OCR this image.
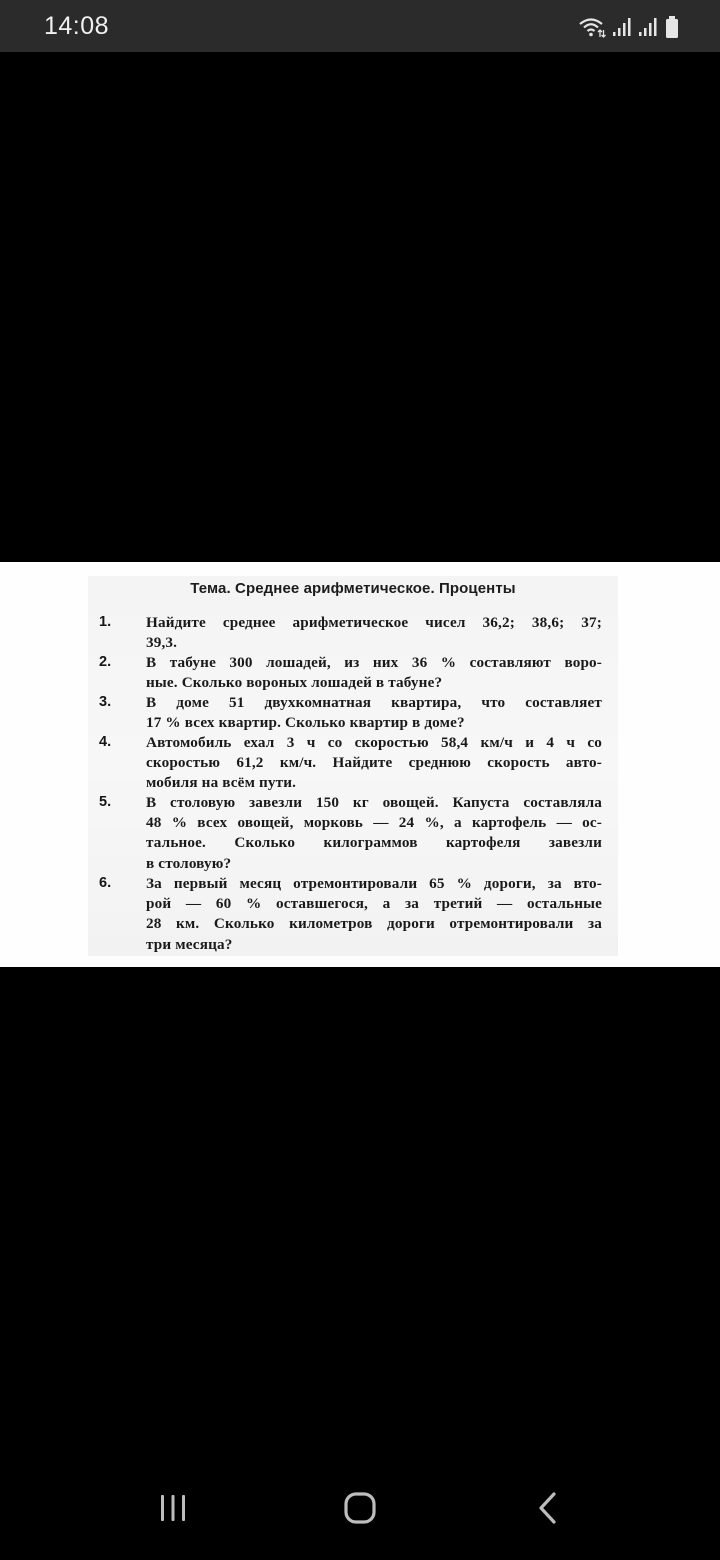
14:08
Тема. Среднее арифметическое. Проценты
1. Найдите среднее арифметическое чисел 36,2; 38,6; 37;
39,3.
2. В табуне 300 лошадей, из них 36 % составляют воро-
ные. Сколько вороных лошадей в табуне?
3. В доме 51 двухкомнатная квартира, что составляет
17 % всех квартир. Сколько квартир в доме?
4. Автомобиль ехал 3 ч со скоростью 58,4 км/ч и 4 ч со
скоростью 61,2 км/ч. Найдите среднюю скорость авто-
мобиля на всём пути.
5. В столовую завезли 150 кг овощей. Капуста составляла
48 % всех овощей, морковь — 24 %, а картофель — ос-
тальное. Сколько килограммов картофеля завезли
в столовую?
6. За первый месяц отремонтировали 65 % дороги, за вто-
рой — 60 % оставшегося, а за третий — остальные
28 км. Сколько километров дороги отремонтировали за
три месяца?
